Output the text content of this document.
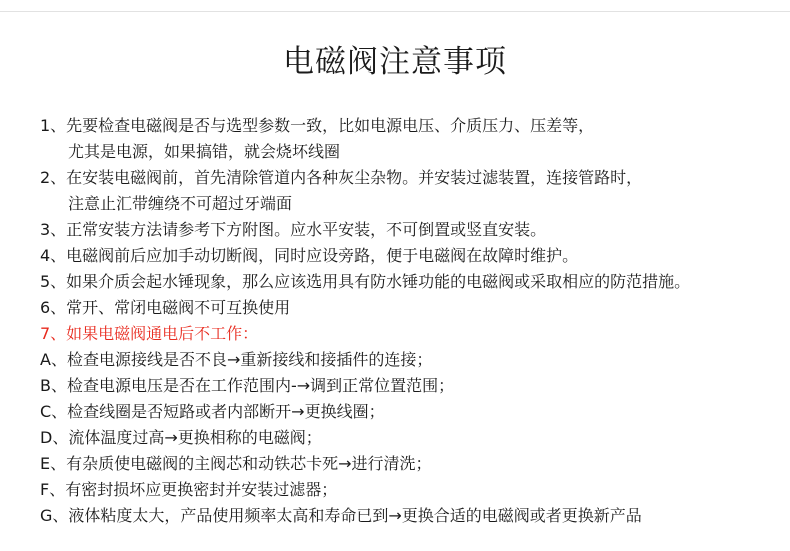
电磁阀注意事项
1、先要检查电磁阀是否与选型参数一致，比如电源电压、介质压力、压差等，
尤其是电源，如果搞错，就会烧坏线圈
2、在安装电磁阀前，首先清除管道内各种灰尘杂物。并安装过滤装置，连接管路时，
注意止汇带缠绕不可超过牙端面
3、正常安装方法请参考下方附图。应水平安装，不可倒置或竖直安装。
4、电磁阀前后应加手动切断阀，同时应设旁路，便于电磁阀在故障时维护。
5、如果介质会起水锤现象，那么应该选用具有防水锤功能的电磁阀或采取相应的防范措施。
6、常开、常闭电磁阀不可互换使用
7、如果电磁阀通电后不工作：
A、检查电源接线是否不良→重新接线和接插件的连接；
B、检查电源电压是否在工作范围内-→调到正常位置范围；
C、检查线圈是否短路或者内部断开→更换线圈；
D、流体温度过高→更换相称的电磁阀；
E、有杂质使电磁阀的主阀芯和动铁芯卡死→进行清洗；
F、有密封损坏应更换密封并安装过滤器；
G、液体粘度太大，产品使用频率太高和寿命已到→更换合适的电磁阀或者更换新产品
